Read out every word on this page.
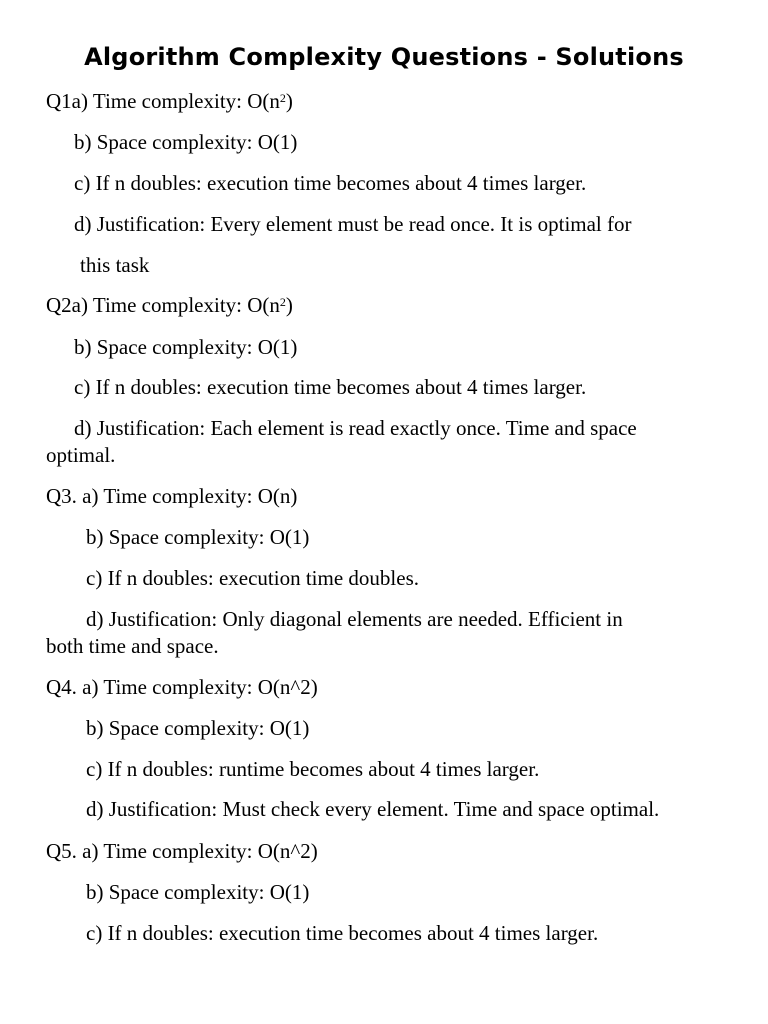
Algorithm Complexity Questions - Solutions

Q1a) Time complexity: $O(n^2)$

b) Space complexity: O(1)

c) If n doubles: execution time becomes about 4 times larger.

d) Justification: Every element must be read once. It is optimal for

this task

Q2a) Time complexity: $O(n^2)$

b) Space complexity: O(1)

c) If n doubles: execution time becomes about 4 times larger.

d) Justification: Each element is read exactly once. Time and space

optimal.

Q3. a) Time complexity: O(n)

b) Space complexity: O(1)

c) If n doubles: execution time doubles.

d) Justification: Only diagonal elements are needed. Efficient in

both time and space.

Q4. a) Time complexity: O(n^2)

b) Space complexity: O(1)

c) If n doubles: runtime becomes about 4 times larger.

d) Justification: Must check every element. Time and space optimal.

Q5. a) Time complexity: O(n^2)

b) Space complexity: O(1)

c) If n doubles: execution time becomes about 4 times larger.
